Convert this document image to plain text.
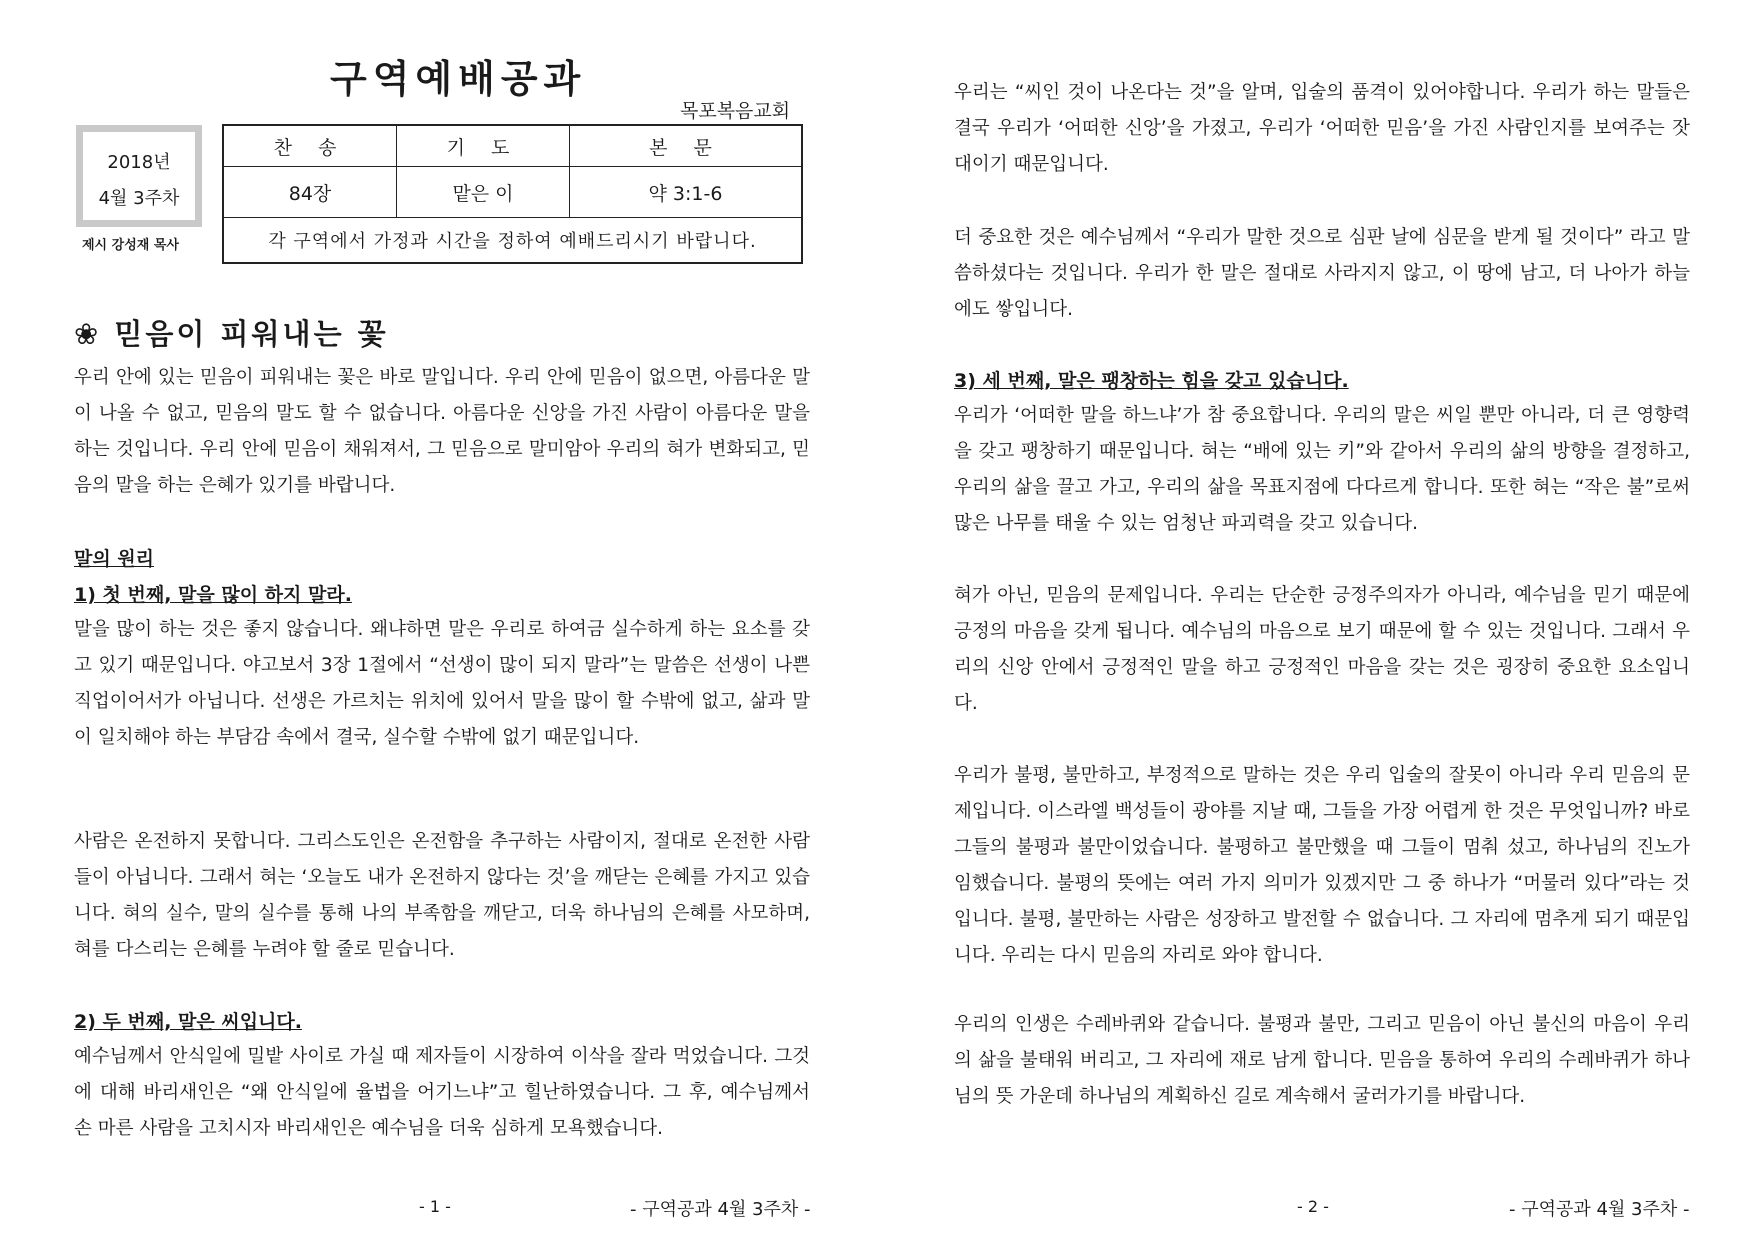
구역예배공과
목포복음교회
2018년
4월 3주차
제시 강성재 목사
찬 송	기 도	본 문
84장	맡은 이	약 3:1-6
각 구역에서 가정과 시간을 정하여 예배드리시기 바랍니다.		
❀ 믿음이 피워내는 꽃
우리 안에 있는 믿음이 피워내는 꽃은 바로 말입니다. 우리 안에 믿음이 없으면, 아름다운 말이 나올 수 없고, 믿음의 말도 할 수 없습니다. 아름다운 신앙을 가진 사람이 아름다운 말을 하는 것입니다. 우리 안에 믿음이 채워져서, 그 믿음으로 말미암아 우리의 혀가 변화되고, 믿음의 말을 하는 은혜가 있기를 바랍니다.
말의 원리
1) 첫 번째, 말을 많이 하지 말라.
말을 많이 하는 것은 좋지 않습니다. 왜냐하면 말은 우리로 하여금 실수하게 하는 요소를 갖고 있기 때문입니다. 야고보서 3장 1절에서 “선생이 많이 되지 말라”는 말씀은 선생이 나쁜 직업이어서가 아닙니다. 선생은 가르치는 위치에 있어서 말을 많이 할 수밖에 없고, 삶과 말이 일치해야 하는 부담감 속에서 결국, 실수할 수밖에 없기 때문입니다.
사람은 온전하지 못합니다. 그리스도인은 온전함을 추구하는 사람이지, 절대로 온전한 사람들이 아닙니다. 그래서 혀는 ‘오늘도 내가 온전하지 않다는 것’을 깨닫는 은혜를 가지고 있습니다. 혀의 실수, 말의 실수를 통해 나의 부족함을 깨닫고, 더욱 하나님의 은혜를 사모하며, 혀를 다스리는 은혜를 누려야 할 줄로 믿습니다.
2) 두 번째, 말은 씨입니다.
예수님께서 안식일에 밀밭 사이로 가실 때 제자들이 시장하여 이삭을 잘라 먹었습니다. 그것에 대해 바리새인은 “왜 안식일에 율법을 어기느냐”고 힐난하였습니다. 그 후, 예수님께서 손 마른 사람을 고치시자 바리새인은 예수님을 더욱 심하게 모욕했습니다.
- 1 -	- 구역공과 4월 3주차 -
우리는 “씨인 것이 나온다는 것”을 알며, 입술의 품격이 있어야합니다. 우리가 하는 말들은 결국 우리가 ‘어떠한 신앙’을 가졌고, 우리가 ‘어떠한 믿음’을 가진 사람인지를 보여주는 잣대이기 때문입니다.
더 중요한 것은 예수님께서 “우리가 말한 것으로 심판 날에 심문을 받게 될 것이다” 라고 말씀하셨다는 것입니다. 우리가 한 말은 절대로 사라지지 않고, 이 땅에 남고, 더 나아가 하늘에도 쌓입니다.
3) 세 번째, 말은 팽창하는 힘을 갖고 있습니다.
우리가 ‘어떠한 말을 하느냐’가 참 중요합니다. 우리의 말은 씨일 뿐만 아니라, 더 큰 영향력을 갖고 팽창하기 때문입니다. 혀는 “배에 있는 키”와 같아서 우리의 삶의 방향을 결정하고, 우리의 삶을 끌고 가고, 우리의 삶을 목표지점에 다다르게 합니다. 또한 혀는 “작은 불”로써 많은 나무를 태울 수 있는 엄청난 파괴력을 갖고 있습니다.
혀가 아닌, 믿음의 문제입니다. 우리는 단순한 긍정주의자가 아니라, 예수님을 믿기 때문에 긍정의 마음을 갖게 됩니다. 예수님의 마음으로 보기 때문에 할 수 있는 것입니다. 그래서 우리의 신앙 안에서 긍정적인 말을 하고 긍정적인 마음을 갖는 것은 굉장히 중요한 요소입니다.
우리가 불평, 불만하고, 부정적으로 말하는 것은 우리 입술의 잘못이 아니라 우리 믿음의 문제입니다. 이스라엘 백성들이 광야를 지날 때, 그들을 가장 어렵게 한 것은 무엇입니까? 바로 그들의 불평과 불만이었습니다. 불평하고 불만했을 때 그들이 멈춰 섰고, 하나님의 진노가 임했습니다. 불평의 뜻에는 여러 가지 의미가 있겠지만 그 중 하나가 “머물러 있다”라는 것입니다. 불평, 불만하는 사람은 성장하고 발전할 수 없습니다. 그 자리에 멈추게 되기 때문입니다. 우리는 다시 믿음의 자리로 와야 합니다.
우리의 인생은 수레바퀴와 같습니다. 불평과 불만, 그리고 믿음이 아닌 불신의 마음이 우리의 삶을 불태워 버리고, 그 자리에 재로 남게 합니다. 믿음을 통하여 우리의 수레바퀴가 하나님의 뜻 가운데 하나님의 계획하신 길로 계속해서 굴러가기를 바랍니다.
- 2 -	- 구역공과 4월 3주차 -
